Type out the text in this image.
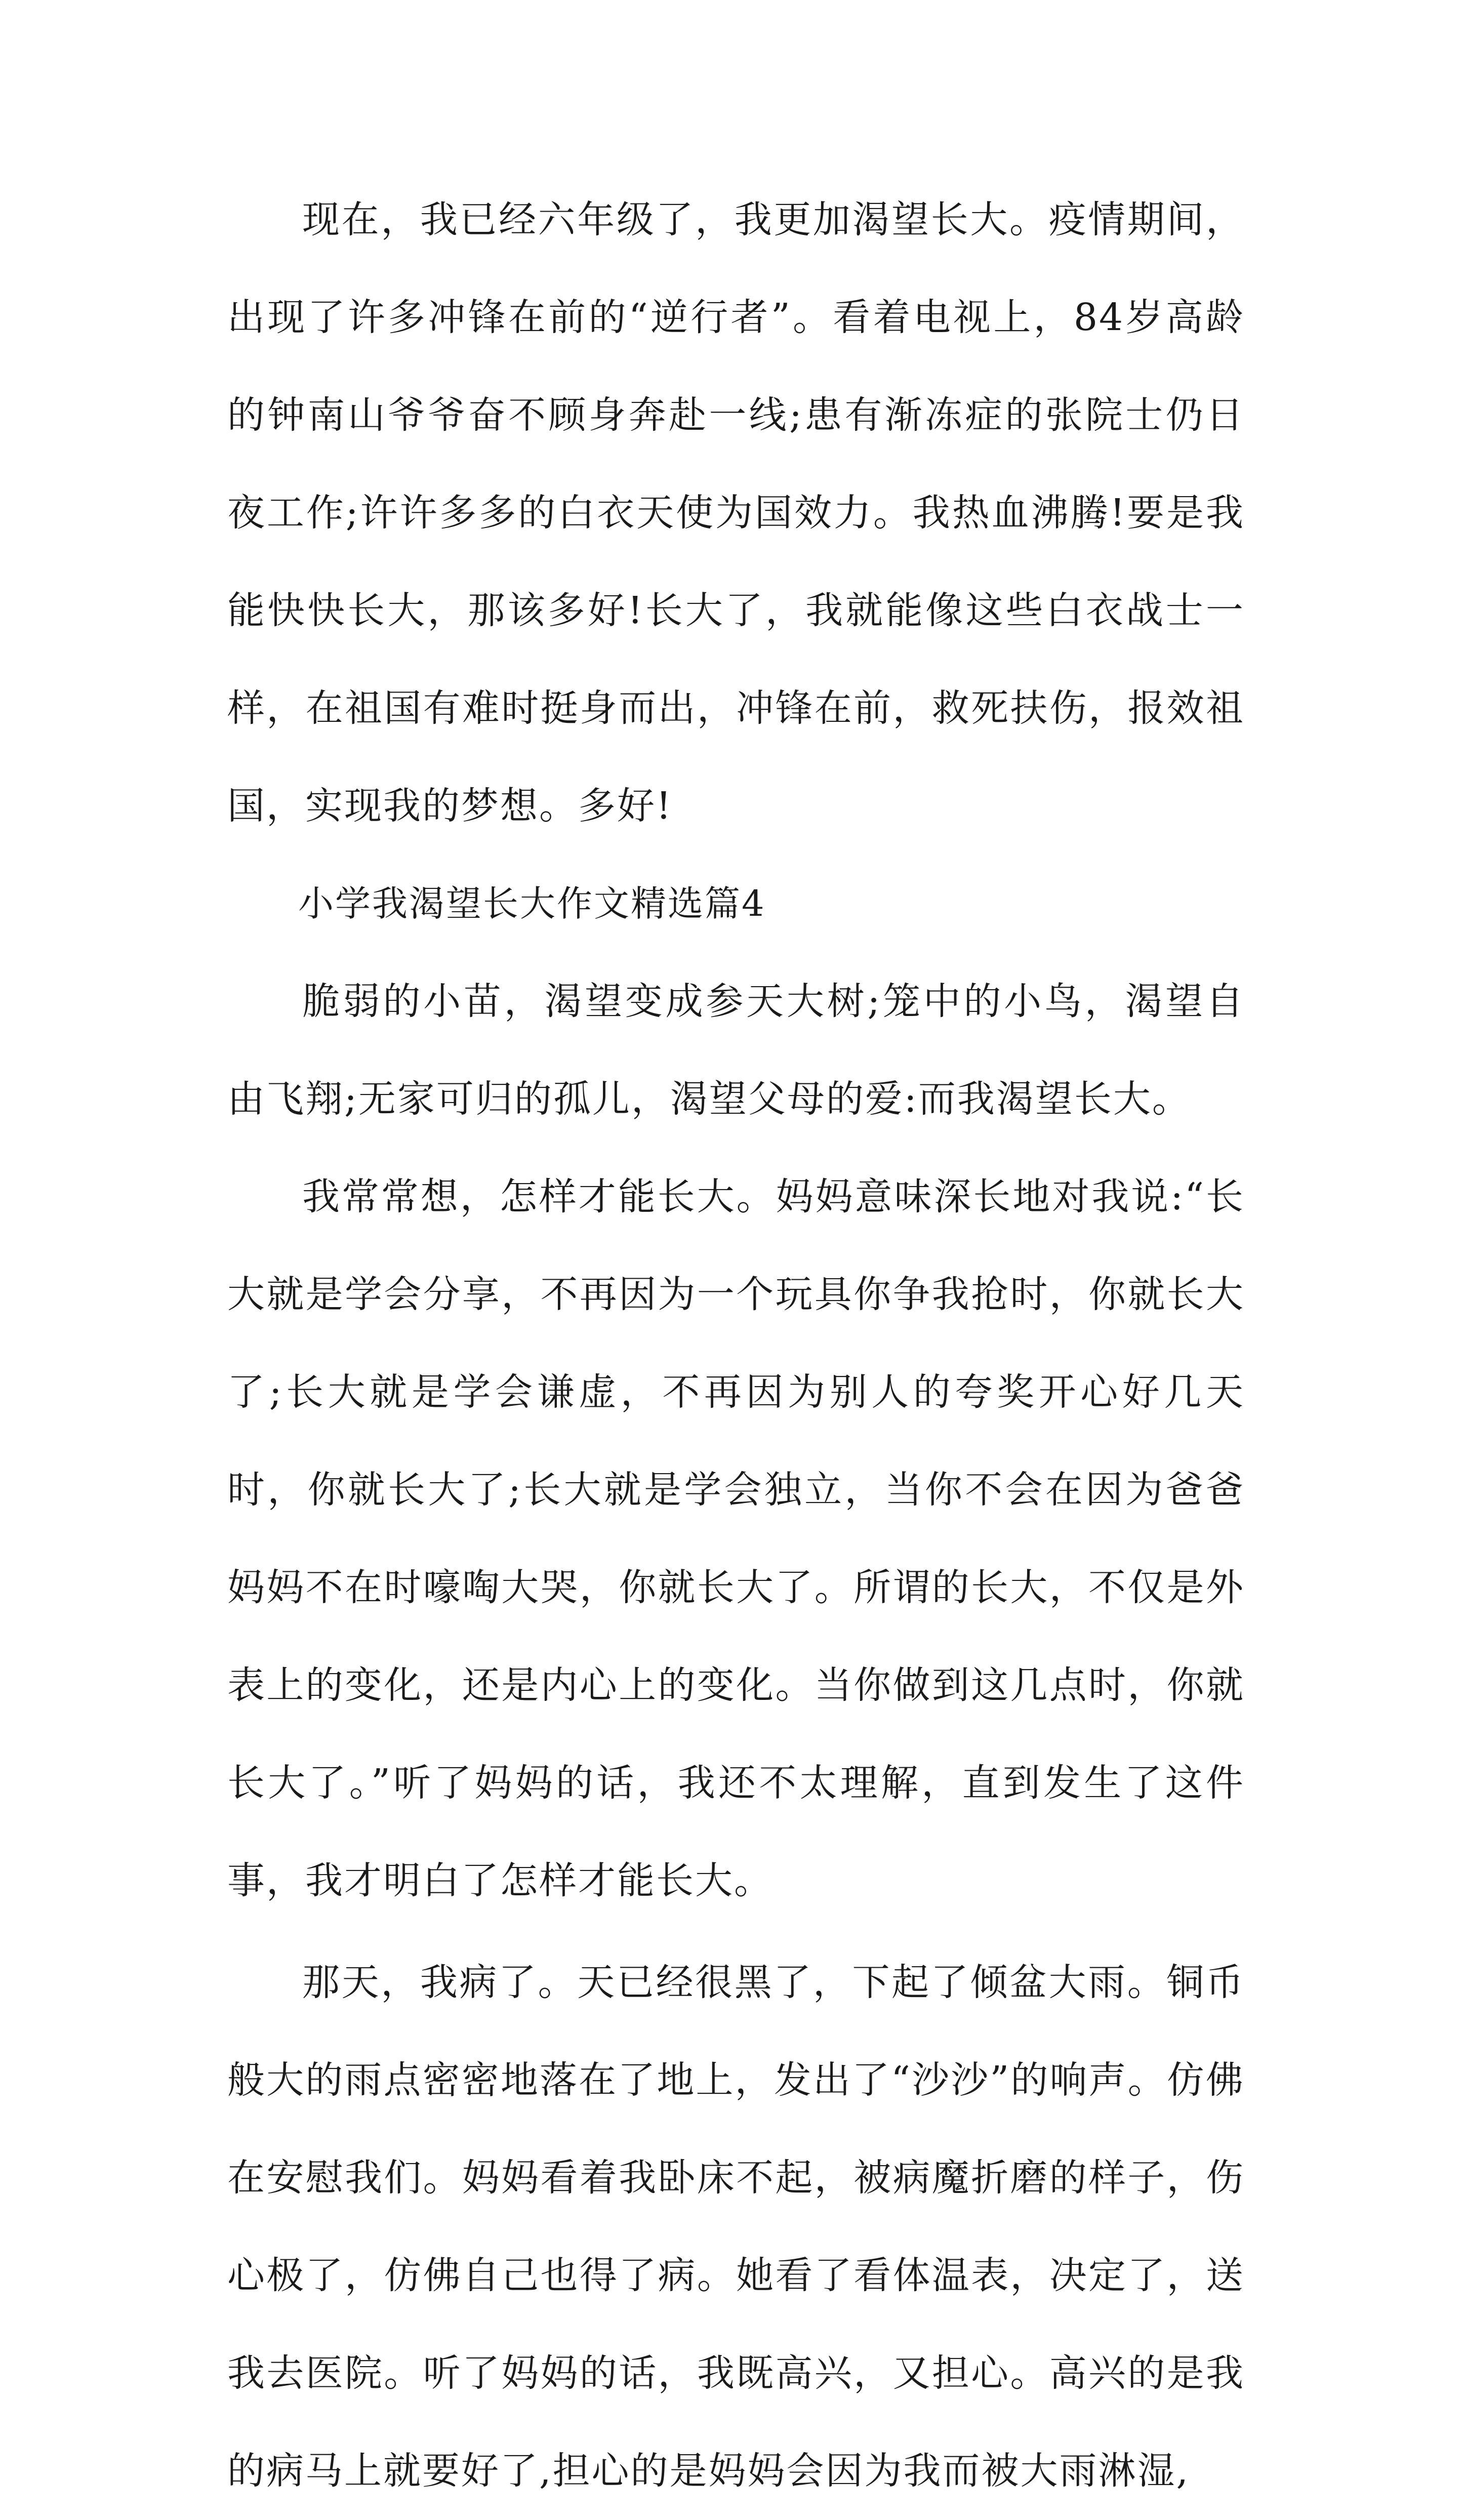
现在，我已经六年级了，我更加渴望长大。疫情期间，出现了许多冲锋在前的“逆行者”。看着电视上，84岁高龄的钟南山爷爷奋不顾身奔赴一线;患有渐冻症的张院士仍日夜工作;许许多多的白衣天使为国效力。我热血沸腾!要是我能快快长大，那该多好!长大了，我就能像这些白衣战士一样，在祖国有难时挺身而出，冲锋在前，救死扶伤，报效祖国，实现我的梦想。多好!

小学我渴望长大作文精选篇4

脆弱的小苗，渴望变成参天大树;笼中的小鸟，渴望自由飞翔;无家可归的孤儿，渴望父母的爱:而我渴望长大。

我常常想，怎样才能长大。妈妈意味深长地对我说:“长大就是学会分享，不再因为一个玩具你争我抢时，你就长大了;长大就是学会谦虚，不再因为别人的夸奖开心好几天时，你就长大了;长大就是学会独立，当你不会在因为爸爸妈妈不在时嚎啕大哭，你就长大了。所谓的长大，不仅是外表上的变化，还是内心上的变化。当你做到这几点时，你就长大了。”听了妈妈的话，我还不太理解，直到发生了这件事，我才明白了怎样才能长大。

那天，我病了。天已经很黑了，下起了倾盆大雨。铜币般大的雨点密密地落在了地上，发出了“沙沙”的响声。仿佛在安慰我们。妈妈看着我卧床不起，被病魔折磨的样子，伤心极了，仿佛自己也得了病。她看了看体温表，决定了，送我去医院。听了妈妈的话，我既高兴，又担心。高兴的是我的病马上就要好了,担心的是妈妈会因为我而被大雨淋湿,
